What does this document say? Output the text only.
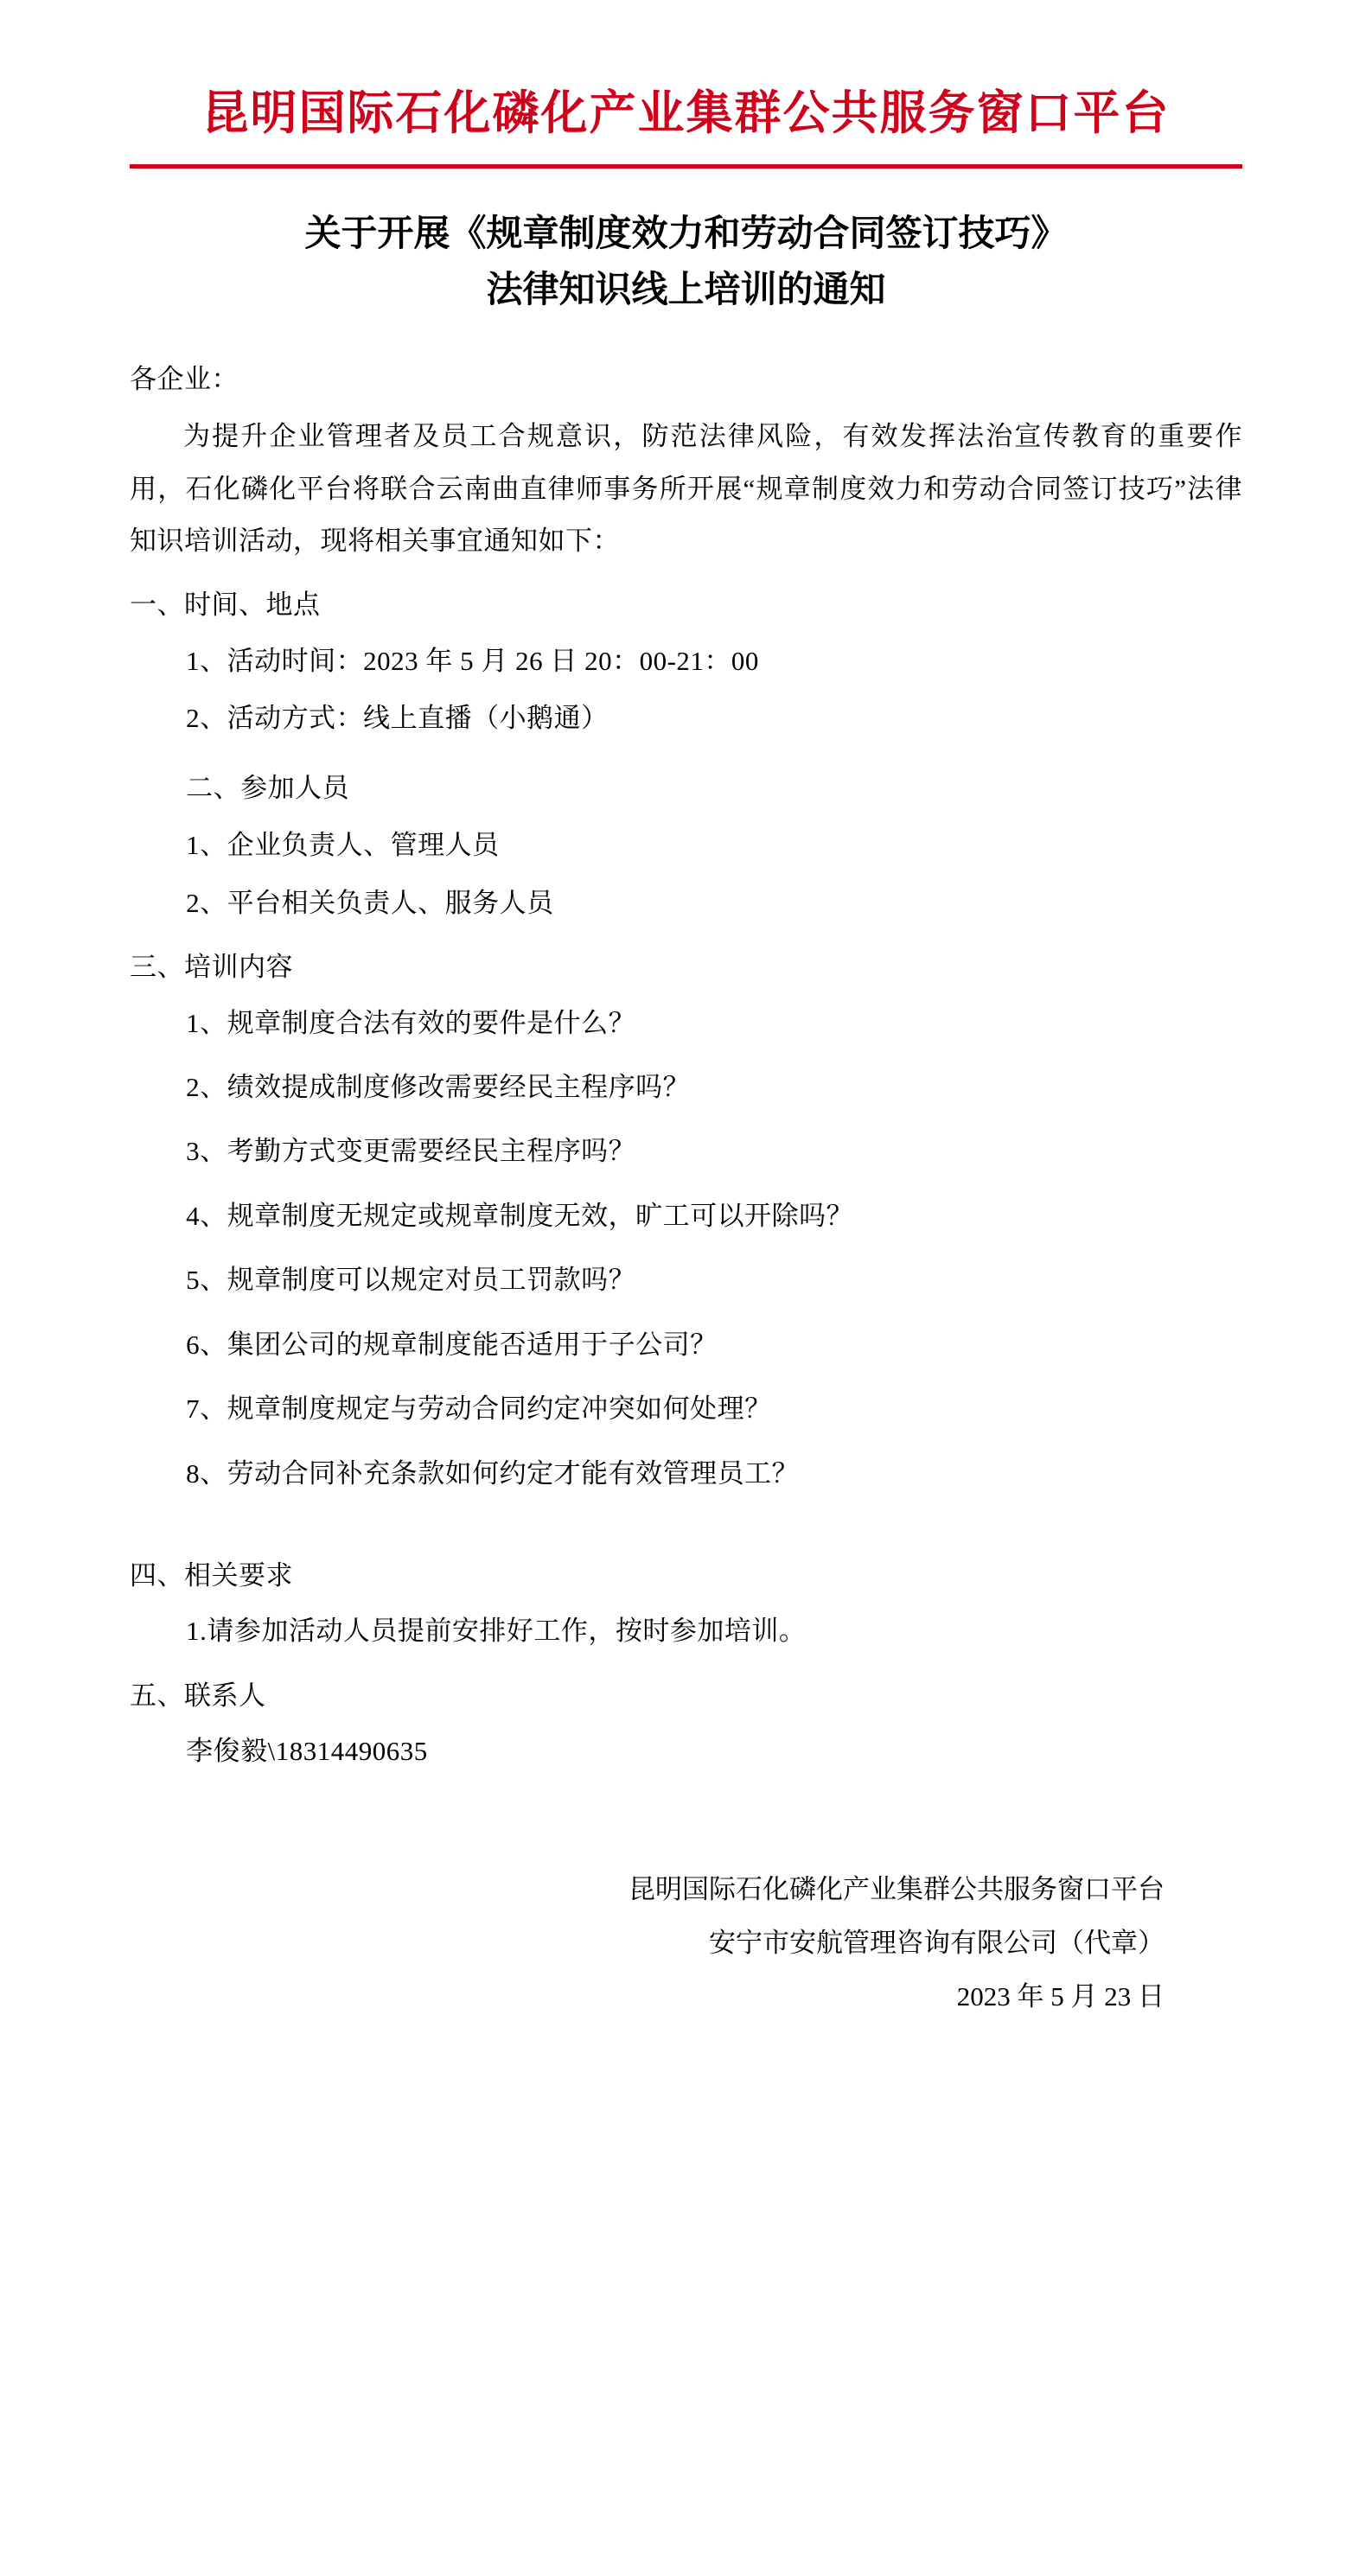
昆明国际石化磷化产业集群公共服务窗口平台
关于开展《规章制度效力和劳动合同签订技巧》
法律知识线上培训的通知
各企业：
为提升企业管理者及员工合规意识，防范法律风险，有效发挥法治宣传教育的重要作用，石化磷化平台将联合云南曲直律师事务所开展“规章制度效力和劳动合同签订技巧”法律知识培训活动，现将相关事宜通知如下：
一、时间、地点
1、活动时间：2023 年 5 月 26 日 20：00-21：00
2、活动方式：线上直播（小鹅通）
二、参加人员
1、企业负责人、管理人员
2、平台相关负责人、服务人员
三、培训内容
1、规章制度合法有效的要件是什么？
2、绩效提成制度修改需要经民主程序吗？
3、考勤方式变更需要经民主程序吗？
4、规章制度无规定或规章制度无效，旷工可以开除吗？
5、规章制度可以规定对员工罚款吗？
6、集团公司的规章制度能否适用于子公司？
7、规章制度规定与劳动合同约定冲突如何处理？
8、劳动合同补充条款如何约定才能有效管理员工？
四、相关要求
1.请参加活动人员提前安排好工作，按时参加培训。
五、联系人
李俊毅\18314490635
昆明国际石化磷化产业集群公共服务窗口平台
安宁市安航管理咨询有限公司（代章）
2023 年 5 月 23 日
